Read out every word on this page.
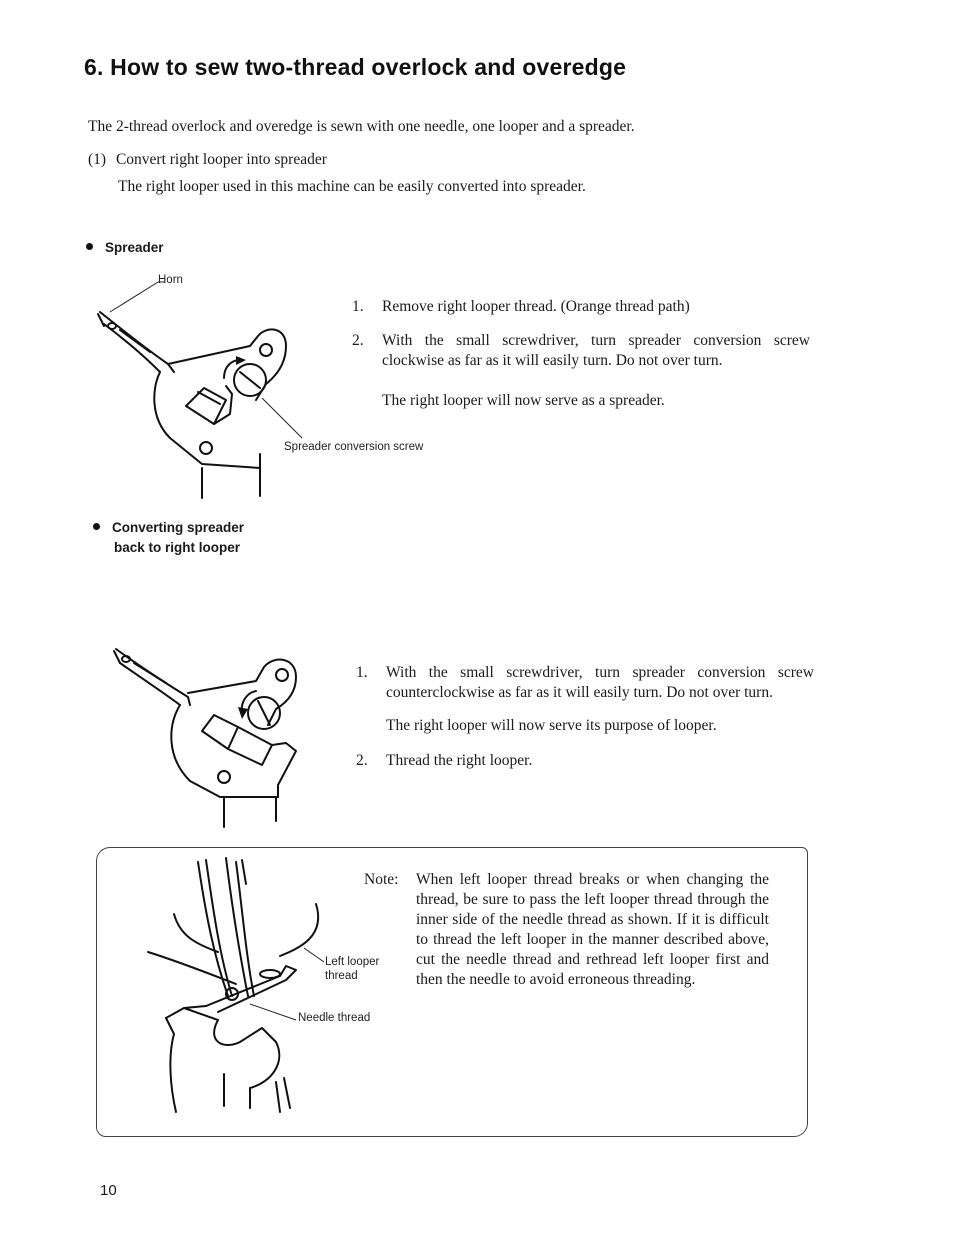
6. How to sew two-thread overlock and overedge
The 2-thread overlock and overedge is sewn with one needle, one looper and a spreader.
(1) Convert right looper into spreader
The right looper used in this machine can be easily converted into spreader.
Spreader
Horn
Spreader conversion screw
1. Remove right looper thread. (Orange thread path)
2. With the small screwdriver, turn spreader conversion screw clockwise as far as it will easily turn. Do not over turn.
The right looper will now serve as a spreader.
Converting spreader
back to right looper
1. With the small screwdriver, turn spreader conversion screw counterclockwise as far as it will easily turn. Do not over turn.
The right looper will now serve its purpose of looper.
2. Thread the right looper.
Left looper
thread
Needle thread
Note: When left looper thread breaks or when changing the thread, be sure to pass the left looper thread through the inner side of the needle thread as shown. If it is difficult to thread the left looper in the manner described above, cut the needle thread and rethread left looper first and then the needle to avoid erroneous threading.
10
